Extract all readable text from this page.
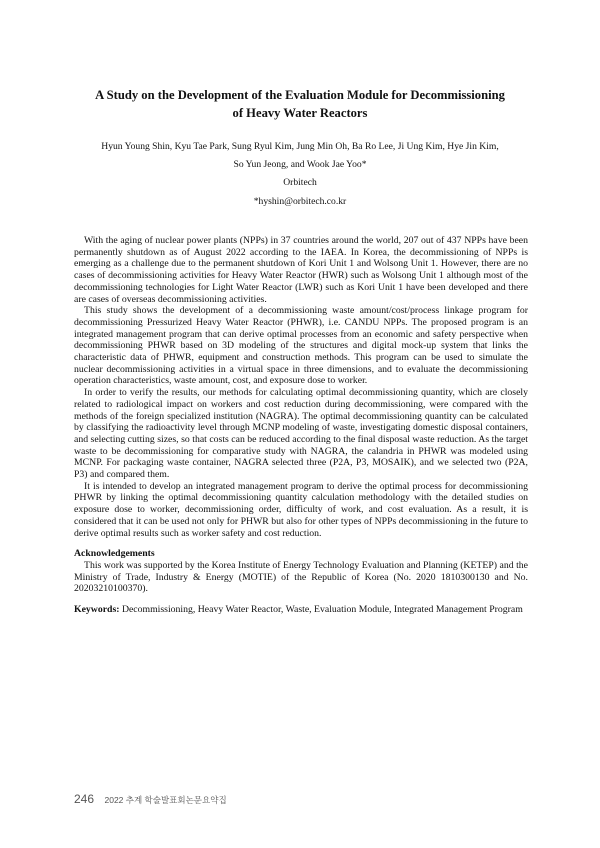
A Study on the Development of the Evaluation Module for Decommissioning
of Heavy Water Reactors
Hyun Young Shin, Kyu Tae Park, Sung Ryul Kim, Jung Min Oh, Ba Ro Lee, Ji Ung Kim, Hye Jin Kim,
So Yun Jeong, and Wook Jae Yoo*
Orbitech
*hyshin@orbitech.co.kr

With the aging of nuclear power plants (NPPs) in 37 countries around the world, 207 out of 437 NPPs have been permanently shutdown as of August 2022 according to the IAEA. In Korea, the decommissioning of NPPs is emerging as a challenge due to the permanent shutdown of Kori Unit 1 and Wolsong Unit 1. However, there are no cases of decommissioning activities for Heavy Water Reactor (HWR) such as Wolsong Unit 1 although most of the decommissioning technologies for Light Water Reactor (LWR) such as Kori Unit 1 have been developed and there are cases of overseas decommissioning activities.

This study shows the development of a decommissioning waste amount/cost/process linkage program for decommissioning Pressurized Heavy Water Reactor (PHWR), i.e. CANDU NPPs. The proposed program is an integrated management program that can derive optimal processes from an economic and safety perspective when decommissioning PHWR based on 3D modeling of the structures and digital mock-up system that links the characteristic data of PHWR, equipment and construction methods. This program can be used to simulate the nuclear decommissioning activities in a virtual space in three dimensions, and to evaluate the decommissioning operation characteristics, waste amount, cost, and exposure dose to worker.

In order to verify the results, our methods for calculating optimal decommissioning quantity, which are closely related to radiological impact on workers and cost reduction during decommissioning, were compared with the methods of the foreign specialized institution (NAGRA). The optimal decommissioning quantity can be calculated by classifying the radioactivity level through MCNP modeling of waste, investigating domestic disposal containers, and selecting cutting sizes, so that costs can be reduced according to the final disposal waste reduction. As the target waste to be decommissioning for comparative study with NAGRA, the calandria in PHWR was modeled using MCNP. For packaging waste container, NAGRA selected three (P2A, P3, MOSAIK), and we selected two (P2A, P3) and compared them.

It is intended to develop an integrated management program to derive the optimal process for decommissioning PHWR by linking the optimal decommissioning quantity calculation methodology with the detailed studies on exposure dose to worker, decommissioning order, difficulty of work, and cost evaluation. As a result, it is considered that it can be used not only for PHWR but also for other types of NPPs decommissioning in the future to derive optimal results such as worker safety and cost reduction.

Acknowledgements

This work was supported by the Korea Institute of Energy Technology Evaluation and Planning (KETEP) and the Ministry of Trade, Industry & Energy (MOTIE) of the Republic of Korea (No. 2020 1810300130 and No. 20203210100370).

Keywords: Decommissioning, Heavy Water Reactor, Waste, Evaluation Module, Integrated Management Program
246 2022 추계 학술발표회논문요약집
